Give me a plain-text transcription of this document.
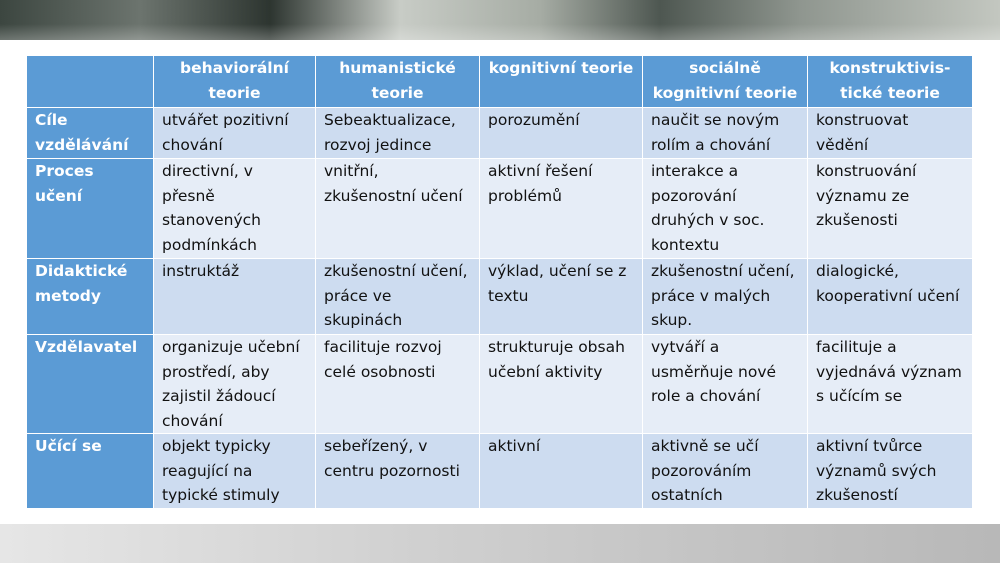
	behaviorální teorie	humanistické teorie	kognitivní teorie	sociálně kognitivní teorie	konstruktivis-tické teorie
Cíle vzdělávání	utvářet pozitivní chování	Sebeaktualizace, rozvoj jedince	porozumění	naučit se novým rolím a chování	konstruovat vědění
Proces učení	directivní, v přesně stanovených podmínkách	vnitřní, zkušenostní učení	aktivní řešení problémů	interakce a pozorování druhých v soc. kontextu	konstruování významu ze zkušenosti
Didaktické metody	instruktáž	zkušenostní učení, práce ve skupinách	výklad, učení se z textu	zkušenostní učení, práce v malých skup.	dialogické, kooperativní učení
Vzdělavatel	organizuje učební prostředí, aby zajistil žádoucí chování	facilituje rozvoj celé osobnosti	strukturuje obsah učební aktivity	vytváří a usměrňuje nové role a chování	facilituje a vyjednává význam s učícím se
Učící se	objekt typicky reagující na typické stimuly	sebeřízený, v centru pozornosti	aktivní	aktivně se učí pozorováním ostatních	aktivní tvůrce významů svých zkušeností
